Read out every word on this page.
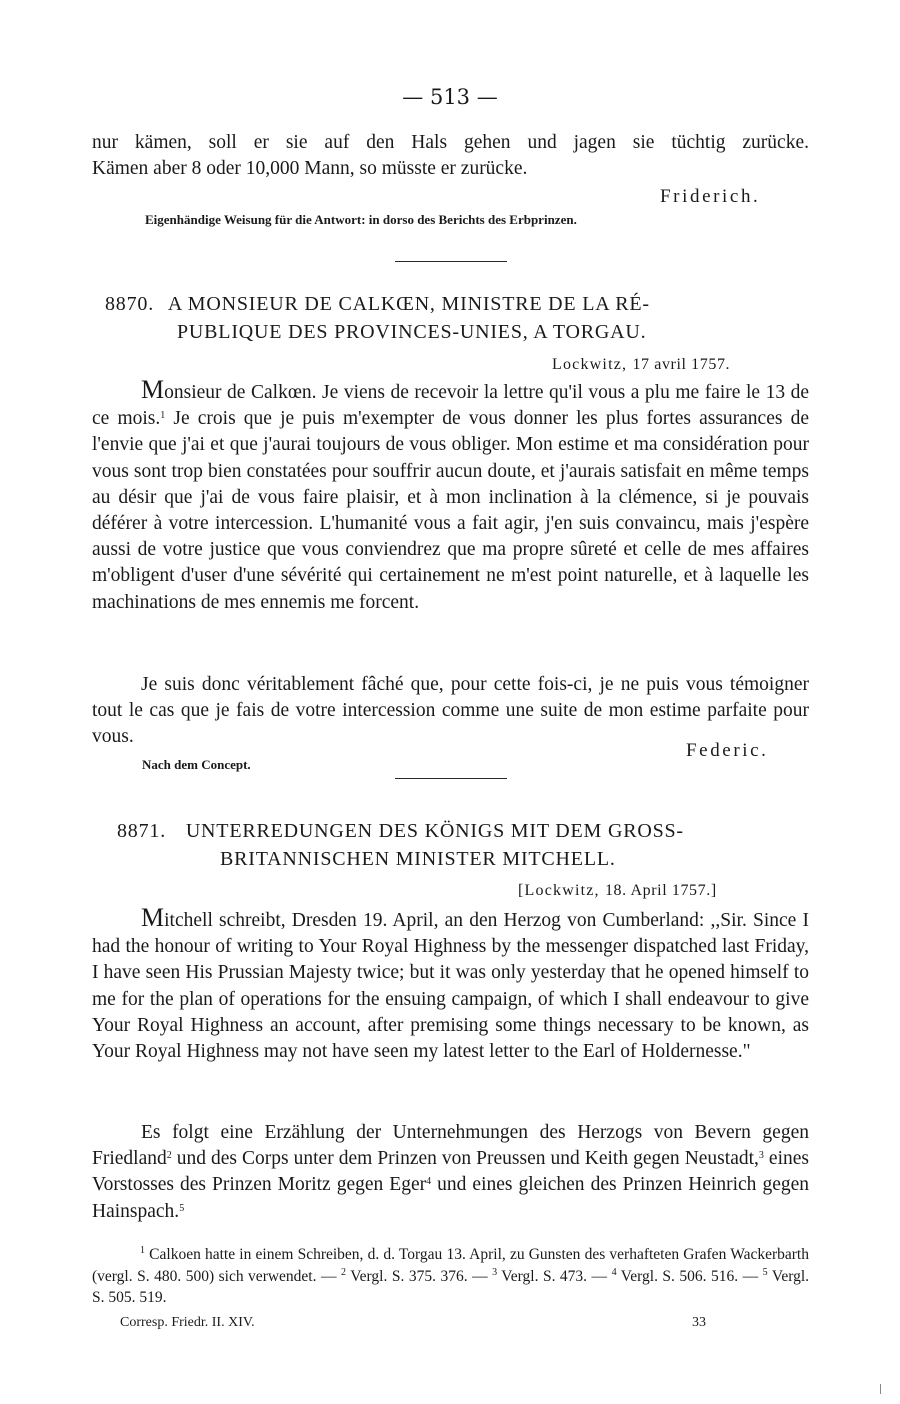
— 513 —
nur kämen, soll er sie auf den Hals gehen und jagen sie tüchtig zurücke.
Kämen aber 8 oder 10,000 Mann, so müsste er zurücke.
Friderich.
Eigenhändige Weisung für die Antwort: in dorso des Berichts des Erbprinzen.
8870. A MONSIEUR DE CALKŒN, MINISTRE DE LA RÉ-
PUBLIQUE DES PROVINCES-UNIES, A TORGAU.
Lockwitz, 17 avril 1757.
Monsieur de Calkœn. Je viens de recevoir la lettre qu'il vous a plu me faire le 13 de ce mois.$^1$ Je crois que je puis m'exempter de vous donner les plus fortes assurances de l'envie que j'ai et que j'aurai toujours de vous obliger. Mon estime et ma considération pour vous sont trop bien constatées pour souffrir aucun doute, et j'aurais satisfait en même temps au désir que j'ai de vous faire plaisir, et à mon inclination à la clémence, si je pouvais déférer à votre intercession. L'humanité vous a fait agir, j'en suis convaincu, mais j'espère aussi de votre justice que vous conviendrez que ma propre sûreté et celle de mes affaires m'obligent d'user d'une sévérité qui certainement ne m'est point naturelle, et à laquelle les machinations de mes ennemis me forcent.
Je suis donc véritablement fâché que, pour cette fois-ci, je ne puis vous témoigner tout le cas que je fais de votre intercession comme une suite de mon estime parfaite pour vous.
Federic.
Nach dem Concept.
8871. UNTERREDUNGEN DES KÖNIGS MIT DEM GROSS-
BRITANNISCHEN MINISTER MITCHELL.
[Lockwitz, 18. April 1757.]
Mitchell schreibt, Dresden 19. April, an den Herzog von Cumberland: ,,Sir. Since I had the honour of writing to Your Royal Highness by the messenger dispatched last Friday, I have seen His Prussian Majesty twice; but it was only yesterday that he opened himself to me for the plan of operations for the ensuing campaign, of which I shall endeavour to give Your Royal Highness an account, after premising some things necessary to be known, as Your Royal Highness may not have seen my latest letter to the Earl of Holdernesse."
Es folgt eine Erzählung der Unternehmungen des Herzogs von Bevern gegen Friedland$^2$ und des Corps unter dem Prinzen von Preussen und Keith gegen Neustadt,$^3$ eines Vorstosses des Prinzen Moritz gegen Eger$^4$ und eines gleichen des Prinzen Heinrich gegen Hainspach.$^5$
$^1$ Calkoen hatte in einem Schreiben, d. d. Torgau 13. April, zu Gunsten des verhafteten Grafen Wackerbarth (vergl. S. 480. 500) sich verwendet. — $^2$ Vergl. S. 375. 376. — $^3$ Vergl. S. 473. — $^4$ Vergl. S. 506. 516. — $^5$ Vergl. S. 505. 519.
Corresp. Friedr. II. XIV.	33
